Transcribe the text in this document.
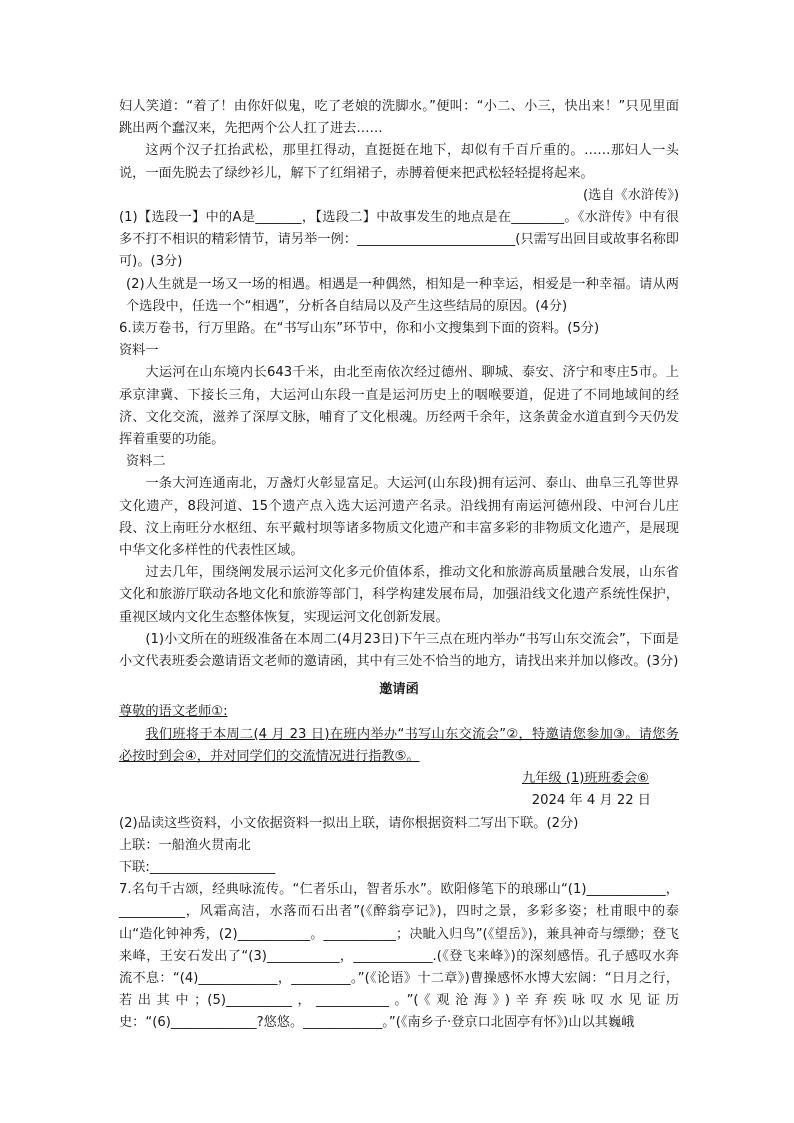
妇人笑道：“着了！由你奸似鬼，吃了老娘的洗脚水。”便叫：“小二、小三，快出来！”只见里面跳出两个蠢汉来，先把两个公人扛了进去……

这两个汉子扛抬武松，那里扛得动，直挺挺在地下，却似有千百斤重的。……那妇人一头说，一面先脱去了绿纱衫儿，解下了红绢裙子，赤膊着便来把武松轻轻提将起来。

(选自《水浒传》)

(1)【选段一】中的A是_______，【选段二】中故事发生的地点是在________。《水浒传》中有很多不打不相识的精彩情节，请另举一例：________________________(只需写出回目或故事名称即可)。(3分)

(2)人生就是一场又一场的相遇。相遇是一种偶然，相知是一种幸运，相爱是一种幸福。请从两个选段中，任选一个“相遇”，分析各自结局以及产生这些结局的原因。(4分)

6.读万卷书，行万里路。在“书写山东”环节中，你和小文搜集到下面的资料。(5分)

资料一

大运河在山东境内长643千米，由北至南依次经过德州、聊城、泰安、济宁和枣庄5市。上承京津冀、下接长三角，大运河山东段一直是运河历史上的咽喉要道，促进了不同地域间的经济、文化交流，滋养了深厚文脉，哺育了文化根魂。历经两千余年，这条黄金水道直到今天仍发挥着重要的功能。

资料二

一条大河连通南北，万盏灯火彰显富足。大运河(山东段)拥有运河、泰山、曲阜三孔等世界文化遗产，8段河道、15个遗产点入选大运河遗产名录。沿线拥有南运河德州段、中河台儿庄段、汶上南旺分水枢纽、东平戴村坝等诸多物质文化遗产和丰富多彩的非物质文化遗产，是展现中华文化多样性的代表性区域。

过去几年，围绕阐发展示运河文化多元价值体系，推动文化和旅游高质量融合发展，山东省文化和旅游厅联动各地文化和旅游等部门，科学构建发展布局，加强沿线文化遗产系统性保护，重视区域内文化生态整体恢复，实现运河文化创新发展。

(1)小文所在的班级准备在本周二(4月23日)下午三点在班内举办“书写山东交流会”，下面是小文代表班委会邀请语文老师的邀请函，其中有三处不恰当的地方，请找出来并加以修改。(3分)

邀请函

尊敬的语文老师①:

我们班将于本周二(4 月 23 日)在班内举办“书写山东交流会”②，特邀请您参加③。请您务必按时到会④，并对同学们的交流情况进行指教⑤。

九年级 (1)班班委会⑥

2024 年 4 月 22 日

(2)品读这些资料，小文依据资料一拟出上联，请你根据资料二写出下联。(2分)

上联：一船渔火贯南北

下联:___________________

7.名句千古颂，经典咏流传。“仁者乐山，智者乐水”。欧阳修笔下的琅琊山“(1)____________，__________，风霜高洁，水落而石出者”(《醉翁亭记》)，四时之景，多彩多姿；杜甫眼中的泰山“造化钟神秀，(2)___________。___________；决眦入归鸟”(《望岳》)，兼具神奇与缥缈；登飞来峰，王安石发出了“(3)___________，____________.(《登飞来峰》)的深刻感悟。孔子感叹水奔流不息：“(4)____________，_________。”(《论语》十二章》)曹操感怀水博大宏阔：“日月之行，若出其中；(5)__________，___________。”(《观沧海》)辛弃疾咏叹水见证历史：“(6)_____________?悠悠。____________。”(《南乡子·登京口北固亭有怀》)山以其巍峨
